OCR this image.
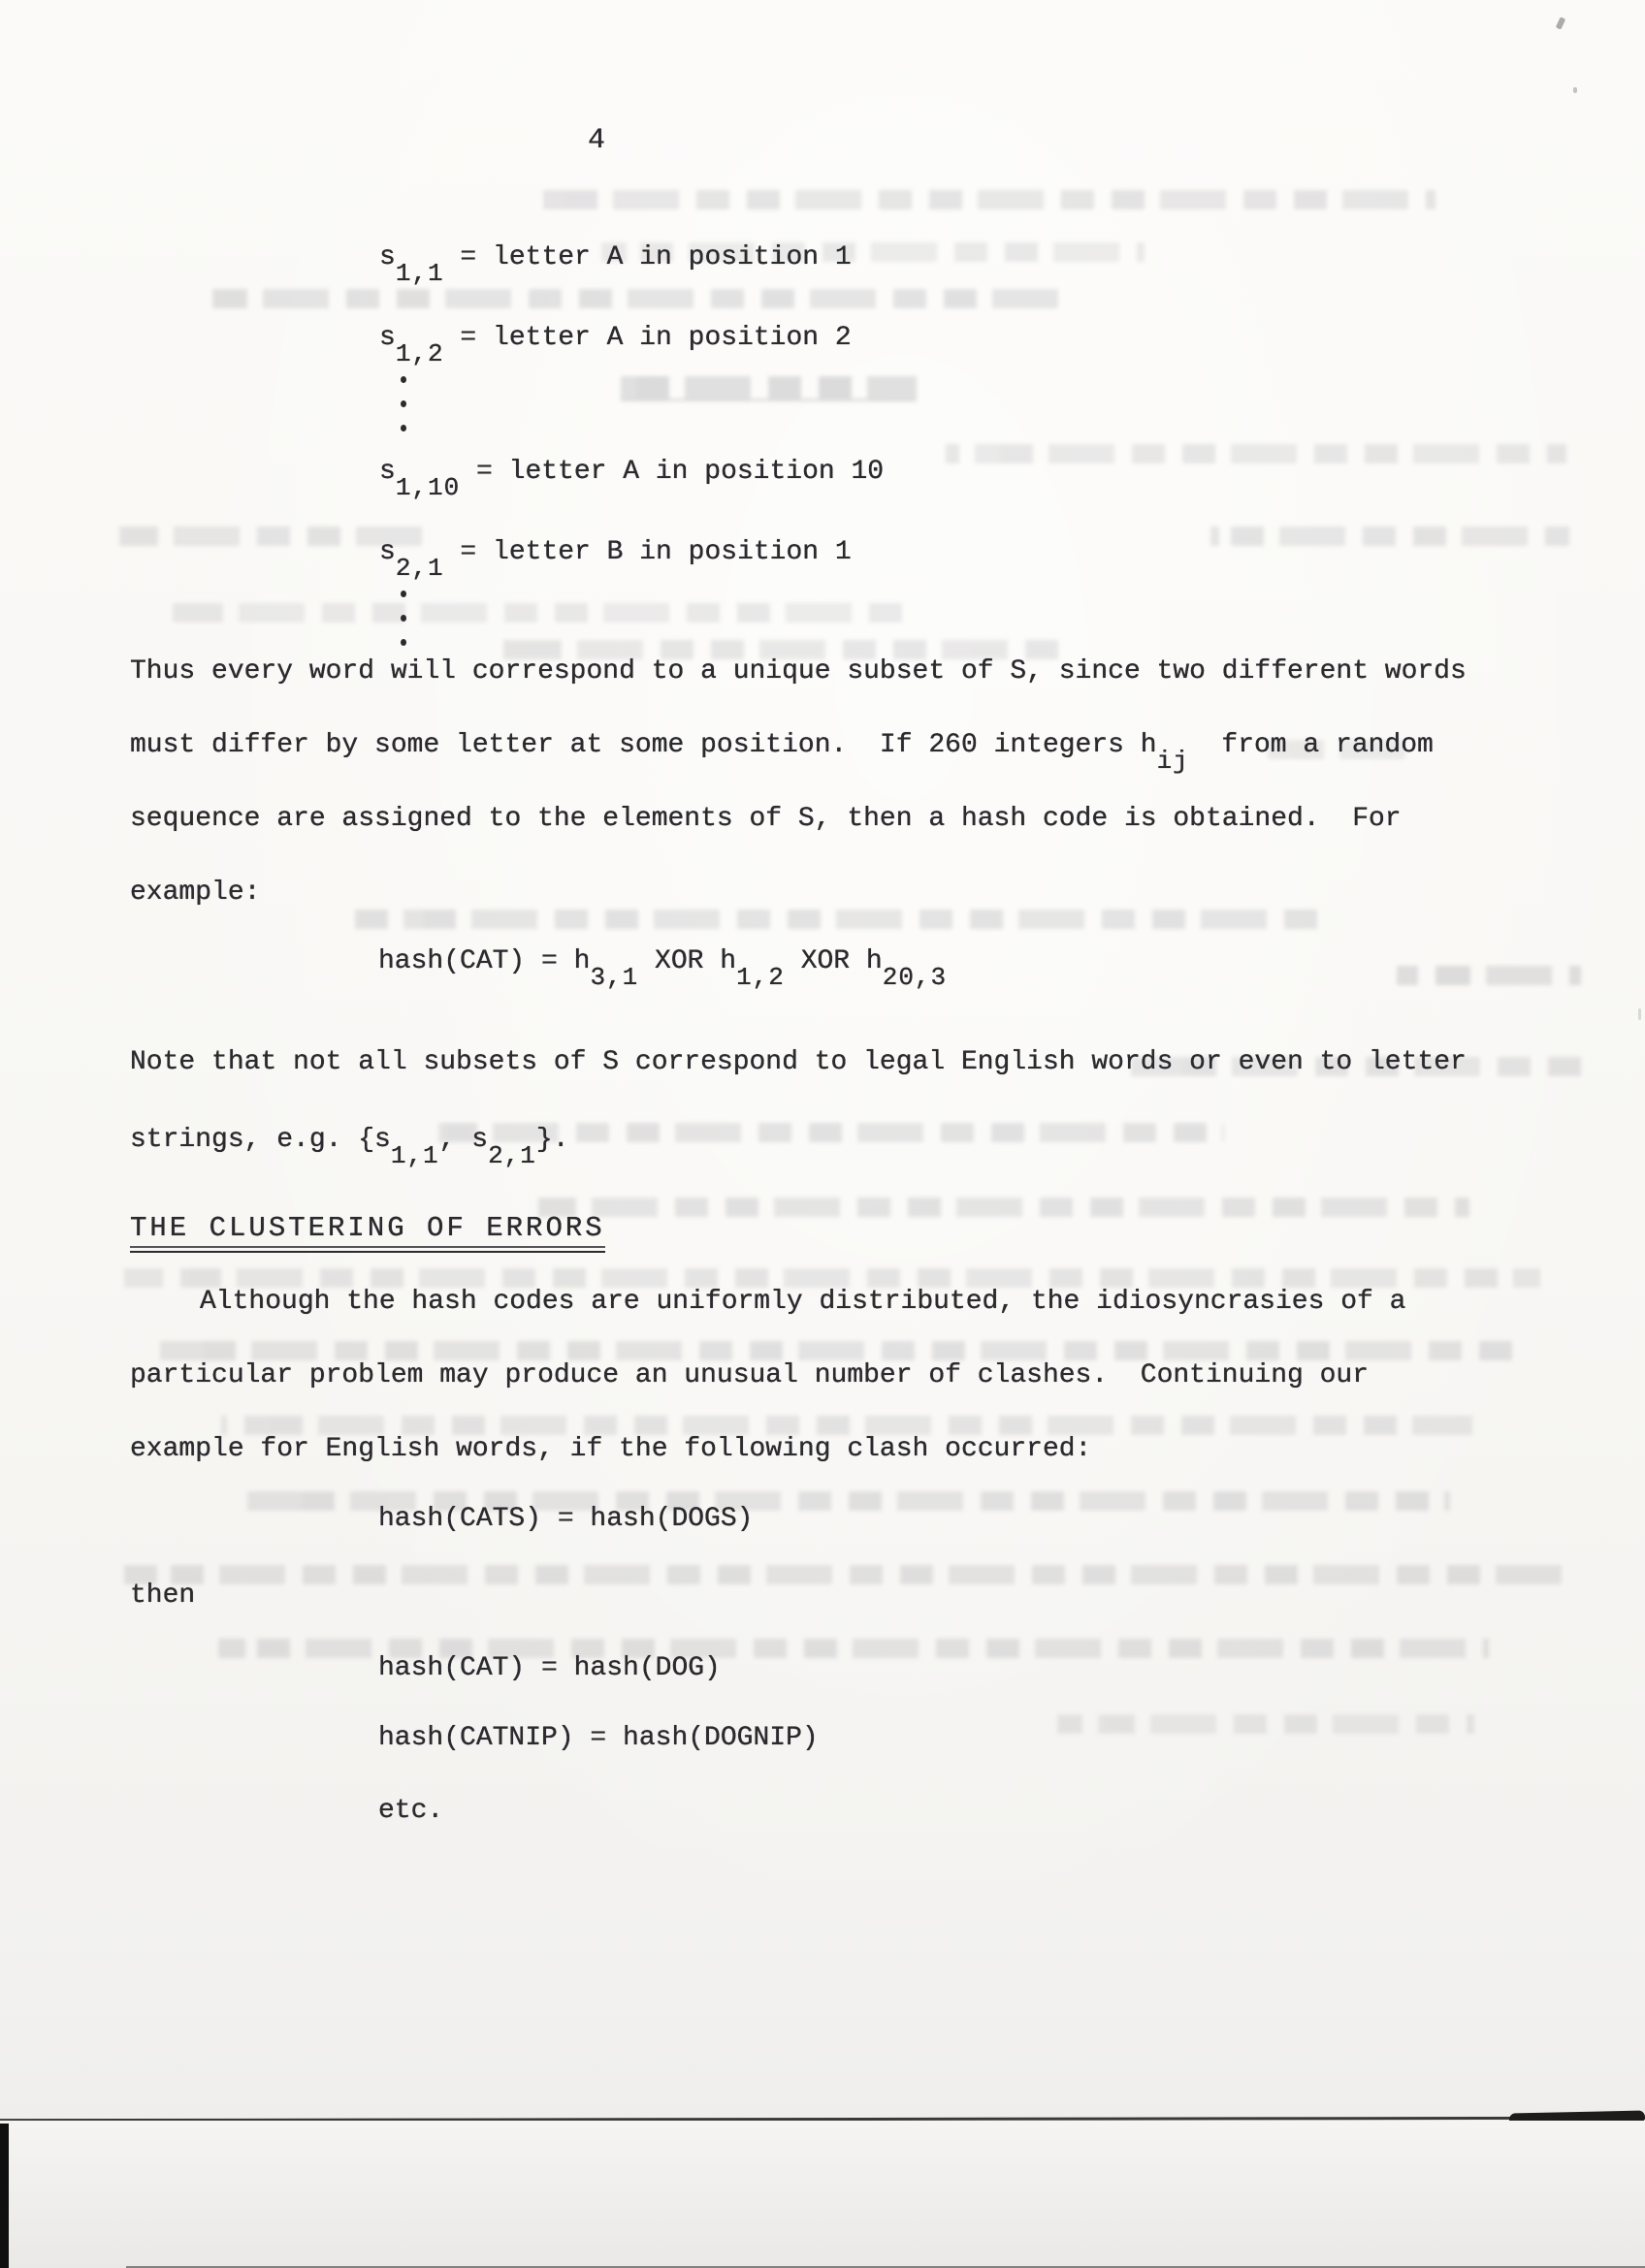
4
s1,1 = letter A in position 1
s1,2 = letter A in position 2
s1,10 = letter A in position 10
s2,1 = letter B in position 1
Thus every word will correspond to a unique subset of S, since two different words
must differ by some letter at some position.  If 260 integers hij  from a random
sequence are assigned to the elements of S, then a hash code is obtained.  For
example:
hash(CAT) = h3,1 XOR h1,2 XOR h20,3
Note that not all subsets of S correspond to legal English words or even to letter
strings, e.g. {s1,1, s2,1}.
THE CLUSTERING OF ERRORS
Although the hash codes are uniformly distributed, the idiosyncrasies of a
particular problem may produce an unusual number of clashes.  Continuing our
example for English words, if the following clash occurred:
hash(CATS) = hash(DOGS)
then
hash(CAT) = hash(DOG)
hash(CATNIP) = hash(DOGNIP)
etc.
